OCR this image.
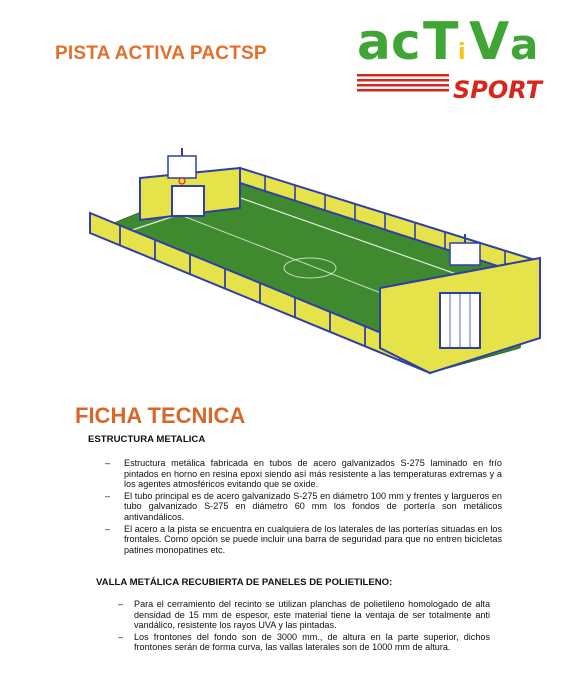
PISTA ACTIVA PACTSP a c T i V a
SPORT
FICHA TECNICA
ESTRUCTURA METALICA
– Estructura metálica fabricada en tubos de acero galvanizados S-275 laminado en frío pintados en horno en resina epoxi siendo así más resistente a las temperaturas extremas y a los agentes atmosféricos evitando que se oxide.
– El tubo principal es de acero galvanizado S-275 en diámetro 100 mm y frentes y largueros en tubo galvanizado S-275 en diámetro 60 mm los fondos de portería son metálicos antivandálicos.
– El acero a la pista se encuentra en cualquiera de los laterales de las porterías situadas en los frontales. Como opción se puede incluir una barra de seguridad para que no entren bicicletas patines monopatines etc.
VALLA METÁLICA RECUBIERTA DE PANELES DE POLIETILENO:
– Para el cerramiento del recinto se utilizan planchas de polietileno homologado de alta densidad de 15 mm de espesor, este material tiene la ventaja de ser totalmente anti vandálico, resistente los rayos UVA y las pintadas.
– Los frontones del fondo son de 3000 mm., de altura en la parte superior, dichos frontones serán de forma curva, las vallas laterales son de 1000 mm de altura.
